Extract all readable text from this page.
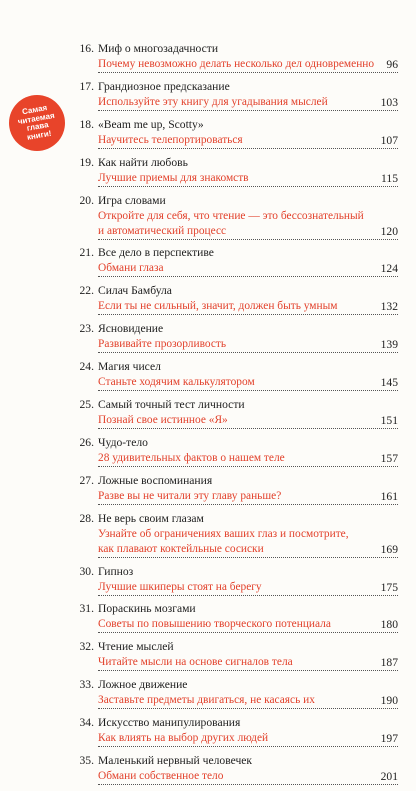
Самая читаемая глава книги!
16. Миф о многозадачности
Почему невозможно делать несколько дел одновременно 96
17. Грандиозное предсказание
Используйте эту книгу для угадывания мыслей	103
18. «Beam me up, Scotty»
Научитесь телепортироваться	107
19. Как найти любовь
Лучшие приемы для знакомств	115
20. Игра словами
Откройте для себя, что чтение — это бессознательный
и автоматический процесс	120
21. Все дело в перспективе
Обмани глаза	124
22. Силач Бамбула
Если ты не сильный, значит, должен быть умным	132
23. Ясновидение
Развивайте прозорливость	139
24. Магия чисел
Станьте ходячим калькулятором	145
25. Самый точный тест личности
Познай свое истинное «Я»	151
26. Чудо-тело
28 удивительных фактов о нашем теле	157
27. Ложные воспоминания
Разве вы не читали эту главу раньше?	161
28. Не верь своим глазам
Узнайте об ограничениях ваших глаз и посмотрите,
как плавают коктейльные сосиски	169
30. Гипноз
Лучшие шкиперы стоят на берегу	175
31. Пораскинь мозгами
Советы по повышению творческого потенциала	180
32. Чтение мыслей
Читайте мысли на основе сигналов тела	187
33. Ложное движение
Заставьте предметы двигаться, не касаясь их	190
34. Искусство манипулирования
Как влиять на выбор других людей	197
35. Маленький нервный человечек
Обмани собственное тело	201
